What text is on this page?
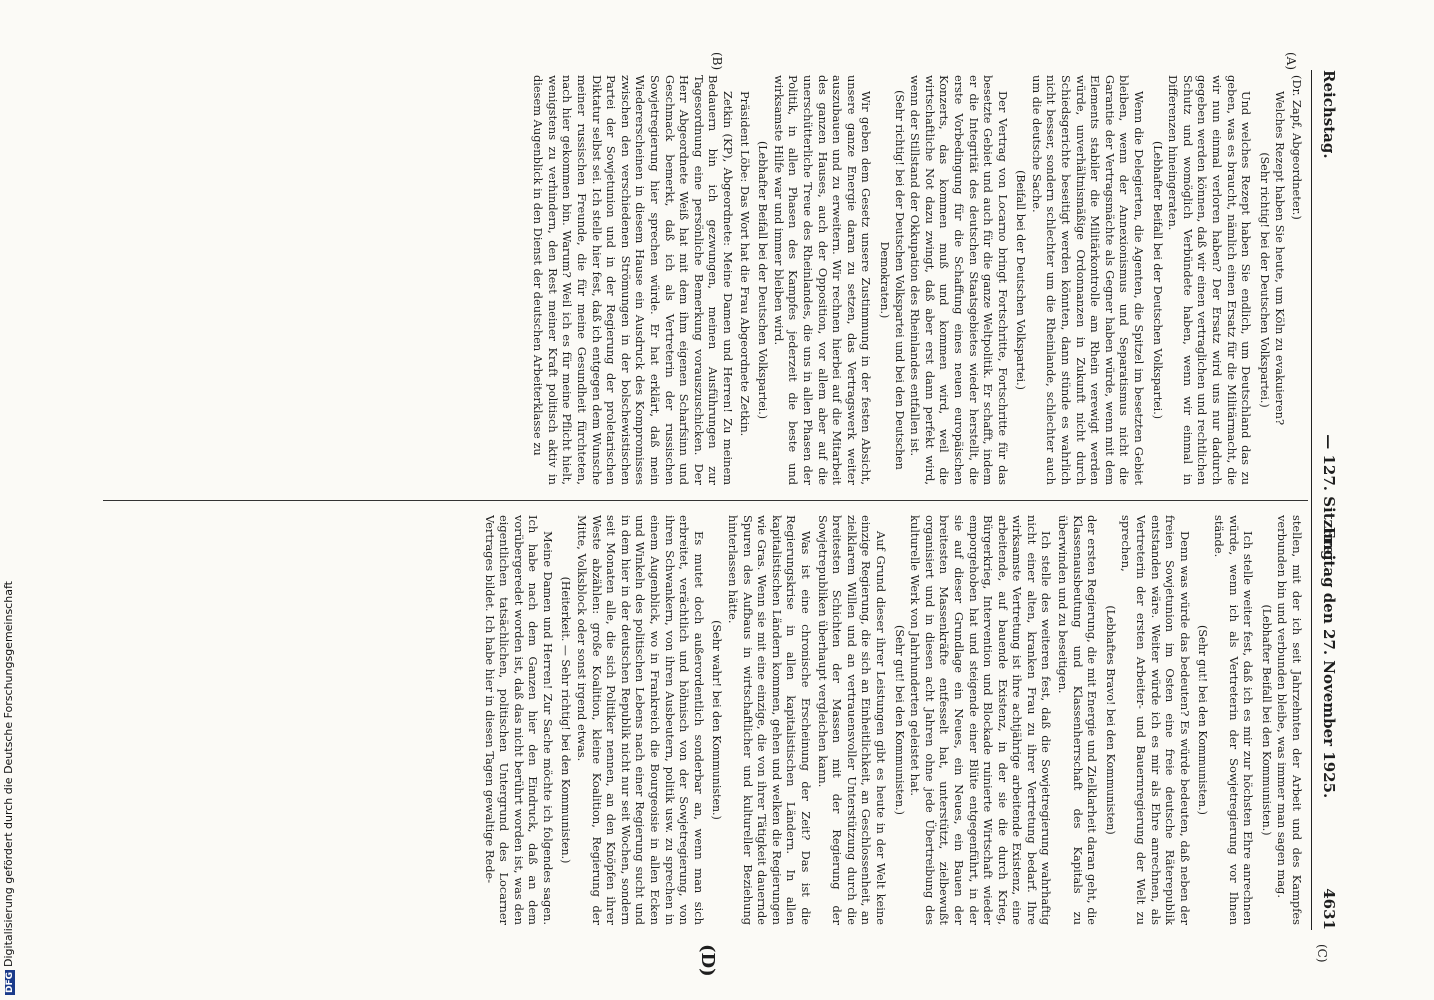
Reichstag.
— 127. Sitzung.
Freitag den 27. November 1925.4631
(A)
(B)
(C)
(D)

(Dr. Zapf, Abgeordneter.)

Welches Rezept haben Sie heute, um Köln zu evakuieren?

(Sehr richtig! bei der Deutschen Volkspartei.)

Und welches Rezept haben Sie endlich, um Deutschland das zu geben, was es braucht, nämlich einen Ersatz für die Militärmacht, die wir nun einmal verloren haben? Der Ersatz wird uns nur dadurch gegeben werden können, daß wir einen vertraglichen und rechtlichen Schutz und womöglich Verbündete haben, wenn wir einmal in Differenzen hineingeraten.

(Lebhafter Beifall bei der Deutschen Volkspartei.)

Wenn die Delegierten, die Agenten, die Spitzel im besetzten Gebiet bleiben, wenn der Annexionismus und Separatismus nicht die Garantie der Vertragsmächte als Gegner haben würde, wenn mit dem Elements stabiler die Militärkontrolle am Rhein verewigt werden würde, unverhältnismäßige Ordonnanzen in Zukunft nicht durch Schiedsgerichte beseitigt werden könnten, dann stünde es wahrlich nicht besser, sondern schlechter um die Rheinlande, schlechter auch um die deutsche Sache.

(Beifall bei der Deutschen Volkspartei.)

Der Vertrag von Locarno bringt Fortschritte, Fortschritte für das besetzte Gebiet und auch für die ganze Weltpolitik. Er schafft, indem er die Integrität des deutschen Staatsgebietes wieder herstellt, die erste Vorbedingung für die Schaffung eines neuen europäischen Konzerts, das kommen muß und kommen wird, weil die wirtschaftliche Not dazu zwingt, daß aber erst dann perfekt wird, wenn der Stillstand der Okkupation des Rheinlandes entfallen ist.

(Sehr richtig! bei der Deutschen Volkspartei und bei den Deutschen Demokraten.)

Wir geben dem Gesetz unsere Zustimmung in der festen Absicht, unsere ganze Energie daran zu setzen, das Vertragswerk weiter auszubauen und zu erweitern. Wir rechnen hierbei auf die Mitarbeit des ganzen Hauses, auch der Opposition, vor allem aber auf die unerschütterliche Treue des Rheinlandes, die uns in allen Phasen der Politik, in allen Phasen des Kampfes jederzeit die beste und wirksamste Hilfe war und immer bleiben wird.

(Lebhafter Beifall bei der Deutschen Volkspartei.)

Präsident Löbe: Das Wort hat die Frau Abgeordnete Zetkin.

Zetkin (KP), Abgeordnete: Meine Damen und Herren! Zu meinem Bedauern bin ich gezwungen, meinen Ausführungen zur Tagesordnung eine persönliche Bemerkung vorauszuschicken. Der Herr Abgeordnete Weiß hat mit dem ihm eigenen Scharfsinn und Geschmack bemerkt, daß ich als Vertreterin der russischen Sowjetregierung hier sprechen würde. Er hat erklärt, daß mein Wiedererscheinen in diesem Hause ein Ausdruck des Kompromisses zwischen den verschiedenen Strömungen in der bolschewistischen Partei der Sowjetunion und in der Regierung der proletarischen Diktatur selbst sei. Ich stelle hier fest, daß ich entgegen dem Wunsche meiner russischen Freunde, die für meine Gesundheit fürchteten, nach hier gekommen bin. Warum? Weil ich es für meine Pflicht hielt, wenigstens zu verhindern, den Rest meiner Kraft politisch aktiv in diesem Augenblick in den Dienst der deutschen Arbeiterklasse zu

stellen, mit der ich seit Jahrzehnten der Arbeit und des Kampfes verbunden bin und verbunden bleibe, was immer man sagen mag.

(Lebhafter Beifall bei den Kommunisten.)

Ich stelle weiter fest, daß ich es mir zur höchsten Ehre anrechnen würde, wenn ich als Vertreterin der Sowjetregierung vor Ihnen stände.

(Sehr gut! bei den Kommunisten.)

Denn was würde das bedeuten? Es würde bedeuten, daß neben der freien Sowjetunion im Osten eine freie deutsche Räterepublik entstanden wäre. Weiter würde ich es mir als Ehre anrechnen, als Vertreterin der ersten Arbeiter- und Bauernregierung der Welt zu sprechen,

(Lebhaftes Bravo! bei den Kommunisten)

der ersten Regierung, die mit Energie und Zielklarheit daran geht, die Klassenausbeutung und Klassenherrschaft des Kapitals zu überwinden und zu beseitigen.

Ich stelle des weiteren fest, daß die Sowjetregierung wahrhaftig nicht einer alten, kranken Frau zu ihrer Vertretung bedarf. Ihre wirksamste Vertretung ist ihre achtjährige arbeitende Existenz, eine arbeitende, auf bauende Existenz, in der sie die durch Krieg, Bürgerkrieg, Intervention und Blockade ruinierte Wirtschaft wieder emporgehoben hat und steigende einer Blüte entgegenführt, in der sie auf dieser Grundlage ein Neues, ein Neues, ein Bauen der breitesten Massenkräfte entfesselt hat, unterstützt, zielbewußt organisiert und in diesen acht Jahren ohne jede Übertreibung des kulturelle Werk von Jahrhunderten geleistet hat.

(Sehr gut! bei den Kommunisten.)

Auf Grund dieser ihrer Leistungen gibt es heute in der Welt keine einzige Regierung, die sich an Einheitlichkeit, an Geschlossenheit, an zielklarem Willen und an vertrauensvoller Unterstützung durch die breitesten Schichten der Massen mit der Regierung der Sowjetrepubliken überhaupt vergleichen kann.

Was ist eine chronische Erscheinung der Zeit? Das ist die Regierungskrise in allen kapitalistischen Ländern. In allen kapitalistischen Ländern kommen, gehen und welken die Regierungen wie Gras. Wenn sie mit eine einzige, die von ihrer Tätigkeit dauernde Spuren des Aufbaus in wirtschaftlicher und kultureller Beziehung hinterlassen hätte.

(Sehr wahr! bei den Kommunisten.)

Es mutet doch außerordentlich sonderbar an, wenn man sich erbreitet, verächtlich und höhnisch von der Sowjetregierung, von ihren Schwankern, von ihren Ausbeutern, politik usw. zu sprechen in einem Augenblick, wo in Frankreich die Bourgeoisie in allen Ecken und Winkeln des politischen Lebens nach einer Regierung sucht und in dem hier in der deutschen Republik nicht nur seit Wochen, sondern seit Monaten alle, die sich Politiker nennen, an den Knöpfen ihrer Weste abzählen: große Koalition, kleine Koalition, Regierung der Mitte, Volksblock oder sonst irgend etwas.

(Heiterkeit. — Sehr richtig! bei den Kommunisten.)

Meine Damen und Herren! Zur Sache möchte ich folgendes sagen. Ich habe nach dem Ganzen hier den Eindruck, daß an dem vorübergeredet worden ist, daß das nicht berührt worden ist, was den eigentlichen tatsächlichen, politischen Untergrund des Locarner Vertrages bildet. Ich habe hier in diesen Tagen gewaltige Rede-

DFGDigitalisierung gefördert durch die Deutsche Forschungsgemeinschaft
